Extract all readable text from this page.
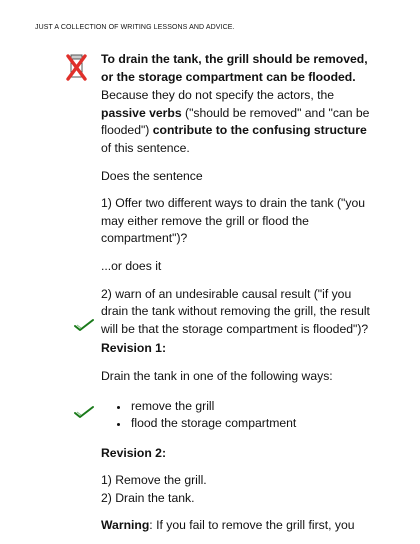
JUST A COLLECTION OF WRITING LESSONS AND ADVICE.

To drain the tank, the grill should be removed, or the storage compartment can be flooded.

Because they do not specify the actors, the passive verbs ("should be removed" and "can be flooded") contribute to the confusing structure of this sentence.

Does the sentence

1) Offer two different ways to drain the tank ("you may either remove the grill or flood the compartment")?

...or does it

2) warn of an undesirable causal result ("if you drain the tank without removing the grill, the result will be that the storage compartment is flooded")?

Revision 1:

Drain the tank in one of the following ways:

remove the grill
flood the storage compartment

Revision 2:

1) Remove the grill.

2) Drain the tank.

Warning: If you fail to remove the grill first, you
